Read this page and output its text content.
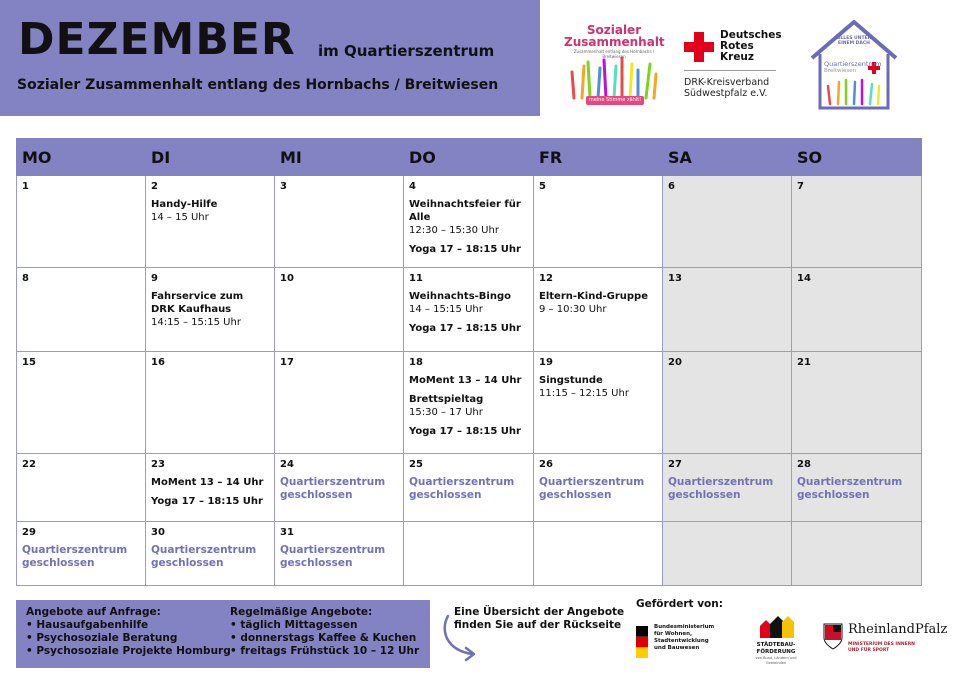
DEZEMBER im Quartierszentrum
Sozialer Zusammenhalt entlang des Hornbachs / Breitwiesen
Sozialer
Zusammenhalt
Zusammenhalt entlang des Hornbachs / Breitwiesen
meine Stimme zählt!
Deutsches
Rotes
Kreuz
DRK-Kreisverband
Südwestpfalz e.V.
ALLES UNTER EINEM DACH
Quartierszentrum
Breitwiesen
MO	DI	MI	DO	FR	SA	SO

1	2
Handy-Hilfe
14 – 15 Uhr	3	4
Weihnachtsfeier für Alle
12:30 – 15:30 Uhr
Yoga 17 – 18:15 Uhr	5	6	7

8	9
Fahrservice zum DRK Kaufhaus
14:15 – 15:15 Uhr	10	11
Weihnachts-Bingo
14 – 15:15 Uhr
Yoga 17 – 18:15 Uhr	12
Eltern-Kind-Gruppe
9 – 10:30 Uhr	13	14

15	16	17	18
MoMent 13 – 14 Uhr
Brettspieltag
15:30 – 17 Uhr
Yoga 17 – 18:15 Uhr	19
Singstunde
11:15 – 12:15 Uhr	20	21

22	23
MoMent 13 – 14 Uhr
Yoga 17 – 18:15 Uhr	24
Quartierszentrum geschlossen	25
Quartierszentrum geschlossen	26
Quartierszentrum geschlossen	27
Quartierszentrum geschlossen	28
Quartierszentrum geschlossen

29
Quartierszentrum geschlossen	30
Quartierszentrum geschlossen	31
Quartierszentrum geschlossen				

Angebote auf Anfrage:
• Hausaufgabenhilfe
• Psychosoziale Beratung
• Psychosoziale Projekte Homburg
Regelmäßige Angebote:
• täglich Mittagessen
• donnerstags Kaffee & Kuchen
• freitags Frühstück 10 – 12 Uhr
Eine Übersicht der Angebote
finden Sie auf der Rückseite
Gefördert von:
Bundesministerium
für Wohnen, Stadtentwicklung
und Bauwesen	STÄDTEBAU-
FÖRDERUNG
von Bund, Ländern und Gemeinden
RheinlandPfalz
MINISTERIUM DES INNERN
UND FÜR SPORT
